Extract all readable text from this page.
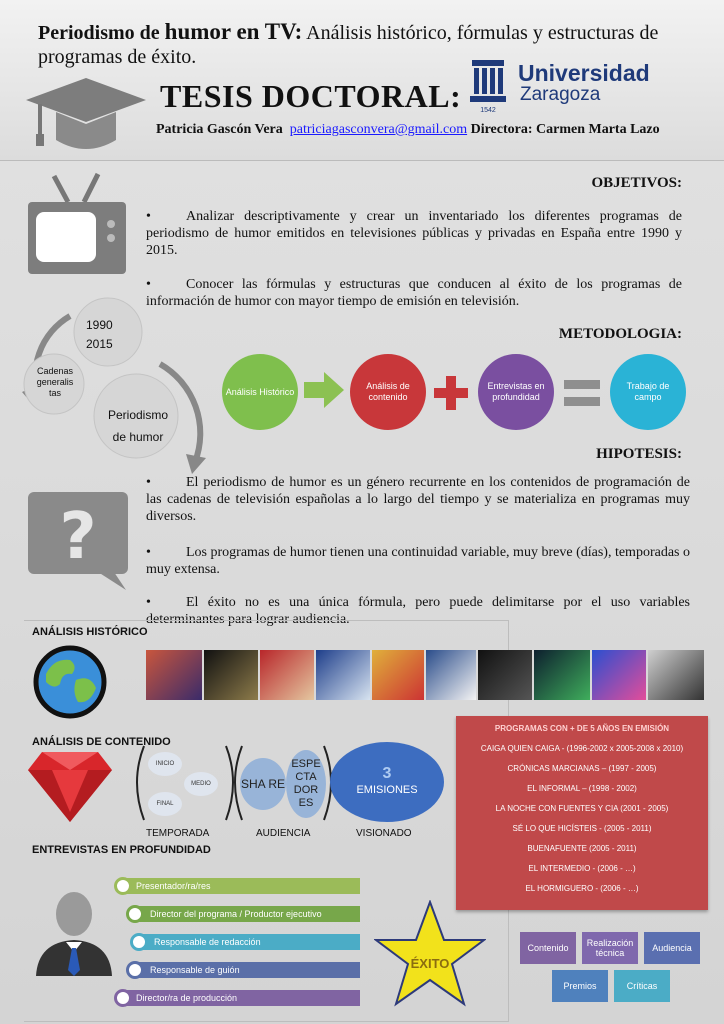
Periodismo de humor en TV: Análisis histórico, fórmulas y estructuras de programas de éxito.
TESIS DOCTORAL:	1542
Universidad
Zaragoza
Patricia Gascón Vera patriciagasconvera@gmail.com Directora: Carmen Marta Lazo
OBJETIVOS:
•	Analizar descriptivamente y crear un inventariado los diferentes programas de periodismo de humor emitidos en televisiones públicas y privadas en España entre 1990 y 2015.
•	Conocer las fórmulas y estructuras que conducen al éxito de los programas de información de humor con mayor tiempo de emisión en televisión.
1990
2015
Cadenas generalis tas
Periodismo
de humor
METODOLOGIA:
Análisis Histórico
Análisis de contenido
Entrevistas en profundidad
Trabajo de campo
HIPOTESIS:
?
•	El periodismo de humor es un género recurrente en los contenidos de programación de las cadenas de televisión españolas a lo largo del tiempo y se materializa en programas muy diversos.
•	Los programas de humor tienen una continuidad variable, muy breve (días), temporadas o muy extensa.
•	El éxito no es una única fórmula, pero puede delimitarse por el uso variables determinantes para lograr audiencia.
ANÁLISIS HISTÓRICO
ANÁLISIS DE CONTENIDO
INICIO
MEDIO
FINAL
SHA RE
ESPE CTA DOR ES
3
EMISIONES
TEMPORADA	AUDIENCIA	VISIONADO
PROGRAMAS CON + DE 5 AÑOS EN EMISIÓN
CAIGA QUIEN CAIGA - (1996-2002 x 2005-2008 x 2010)
CRÓNICAS MARCIANAS – (1997 - 2005)
EL INFORMAL – (1998 - 2002)
LA NOCHE CON FUENTES Y CIA (2001 - 2005)
SÉ LO QUE HICÍSTEIS - (2005 - 2011)
BUENAFUENTE (2005 - 2011)
EL INTERMEDIO - (2006 - …)
EL HORMIGUERO - (2006 - …)
ENTREVISTAS EN PROFUNDIDAD
Presentador/ra/res
Director del programa / Productor ejecutivo
Responsable de redacción
Responsable de guión
Director/ra de producción
ÉXITO
Contenido	Realización técnica	Audiencia
Premios	Críticas
